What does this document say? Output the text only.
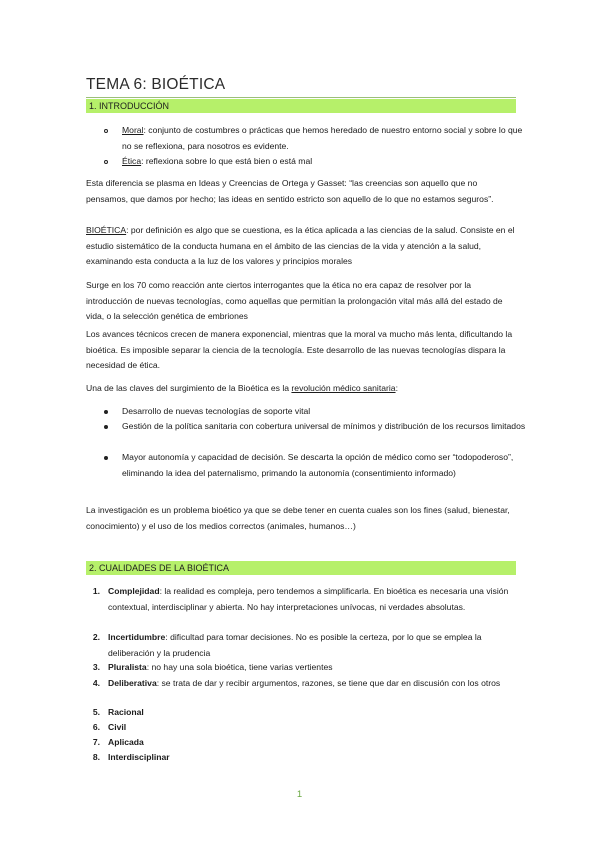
TEMA 6: BIOÉTICA
1. INTRODUCCIÓN
Moral: conjunto de costumbres o prácticas que hemos heredado de nuestro entorno social y sobre lo que no se reflexiona, para nosotros es evidente.
Ética: reflexiona sobre lo que está bien o está mal

Esta diferencia se plasma en Ideas y Creencias de Ortega y Gasset: “las creencias son aquello que no pensamos, que damos por hecho; las ideas en sentido estricto son aquello de lo que no estamos seguros”.

BIOÉTICA: por definición es algo que se cuestiona, es la ética aplicada a las ciencias de la salud. Consiste en el estudio sistemático de la conducta humana en el ámbito de las ciencias de la vida y atención a la salud, examinando esta conducta a la luz de los valores y principios morales

Surge en los 70 como reacción ante ciertos interrogantes que la ética no era capaz de resolver por la introducción de nuevas tecnologías, como aquellas que permitían la prolongación vital más allá del estado de vida, o la selección genética de embriones

Los avances técnicos crecen de manera exponencial, mientras que la moral va mucho más lenta, dificultando la bioética. Es imposible separar la ciencia de la tecnología. Este desarrollo de las nuevas tecnologías dispara la necesidad de ética.

Una de las claves del surgimiento de la Bioética es la revolución médico sanitaria:

Desarrollo de nuevas tecnologías de soporte vital
Gestión de la política sanitaria con cobertura universal de mínimos y distribución de los recursos limitados
Mayor autonomía y capacidad de decisión. Se descarta la opción de médico como ser “todopoderoso”, eliminando la idea del paternalismo, primando la autonomía (consentimiento informado)

La investigación es un problema bioético ya que se debe tener en cuenta cuales son los fines (salud, bienestar, conocimiento) y el uso de los medios correctos (animales, humanos…)

2. CUALIDADES DE LA BIOÉTICA
1. Complejidad: la realidad es compleja, pero tendemos a simplificarla. En bioética es necesaria una visión contextual, interdisciplinar y abierta. No hay interpretaciones unívocas, ni verdades absolutas.
2. Incertidumbre: dificultad para tomar decisiones. No es posible la certeza, por lo que se emplea la deliberación y la prudencia
3. Pluralista: no hay una sola bioética, tiene varias vertientes
4. Deliberativa: se trata de dar y recibir argumentos, razones, se tiene que dar en discusión con los otros
5. Racional
6. Civil
7. Aplicada
8. Interdisciplinar
1
